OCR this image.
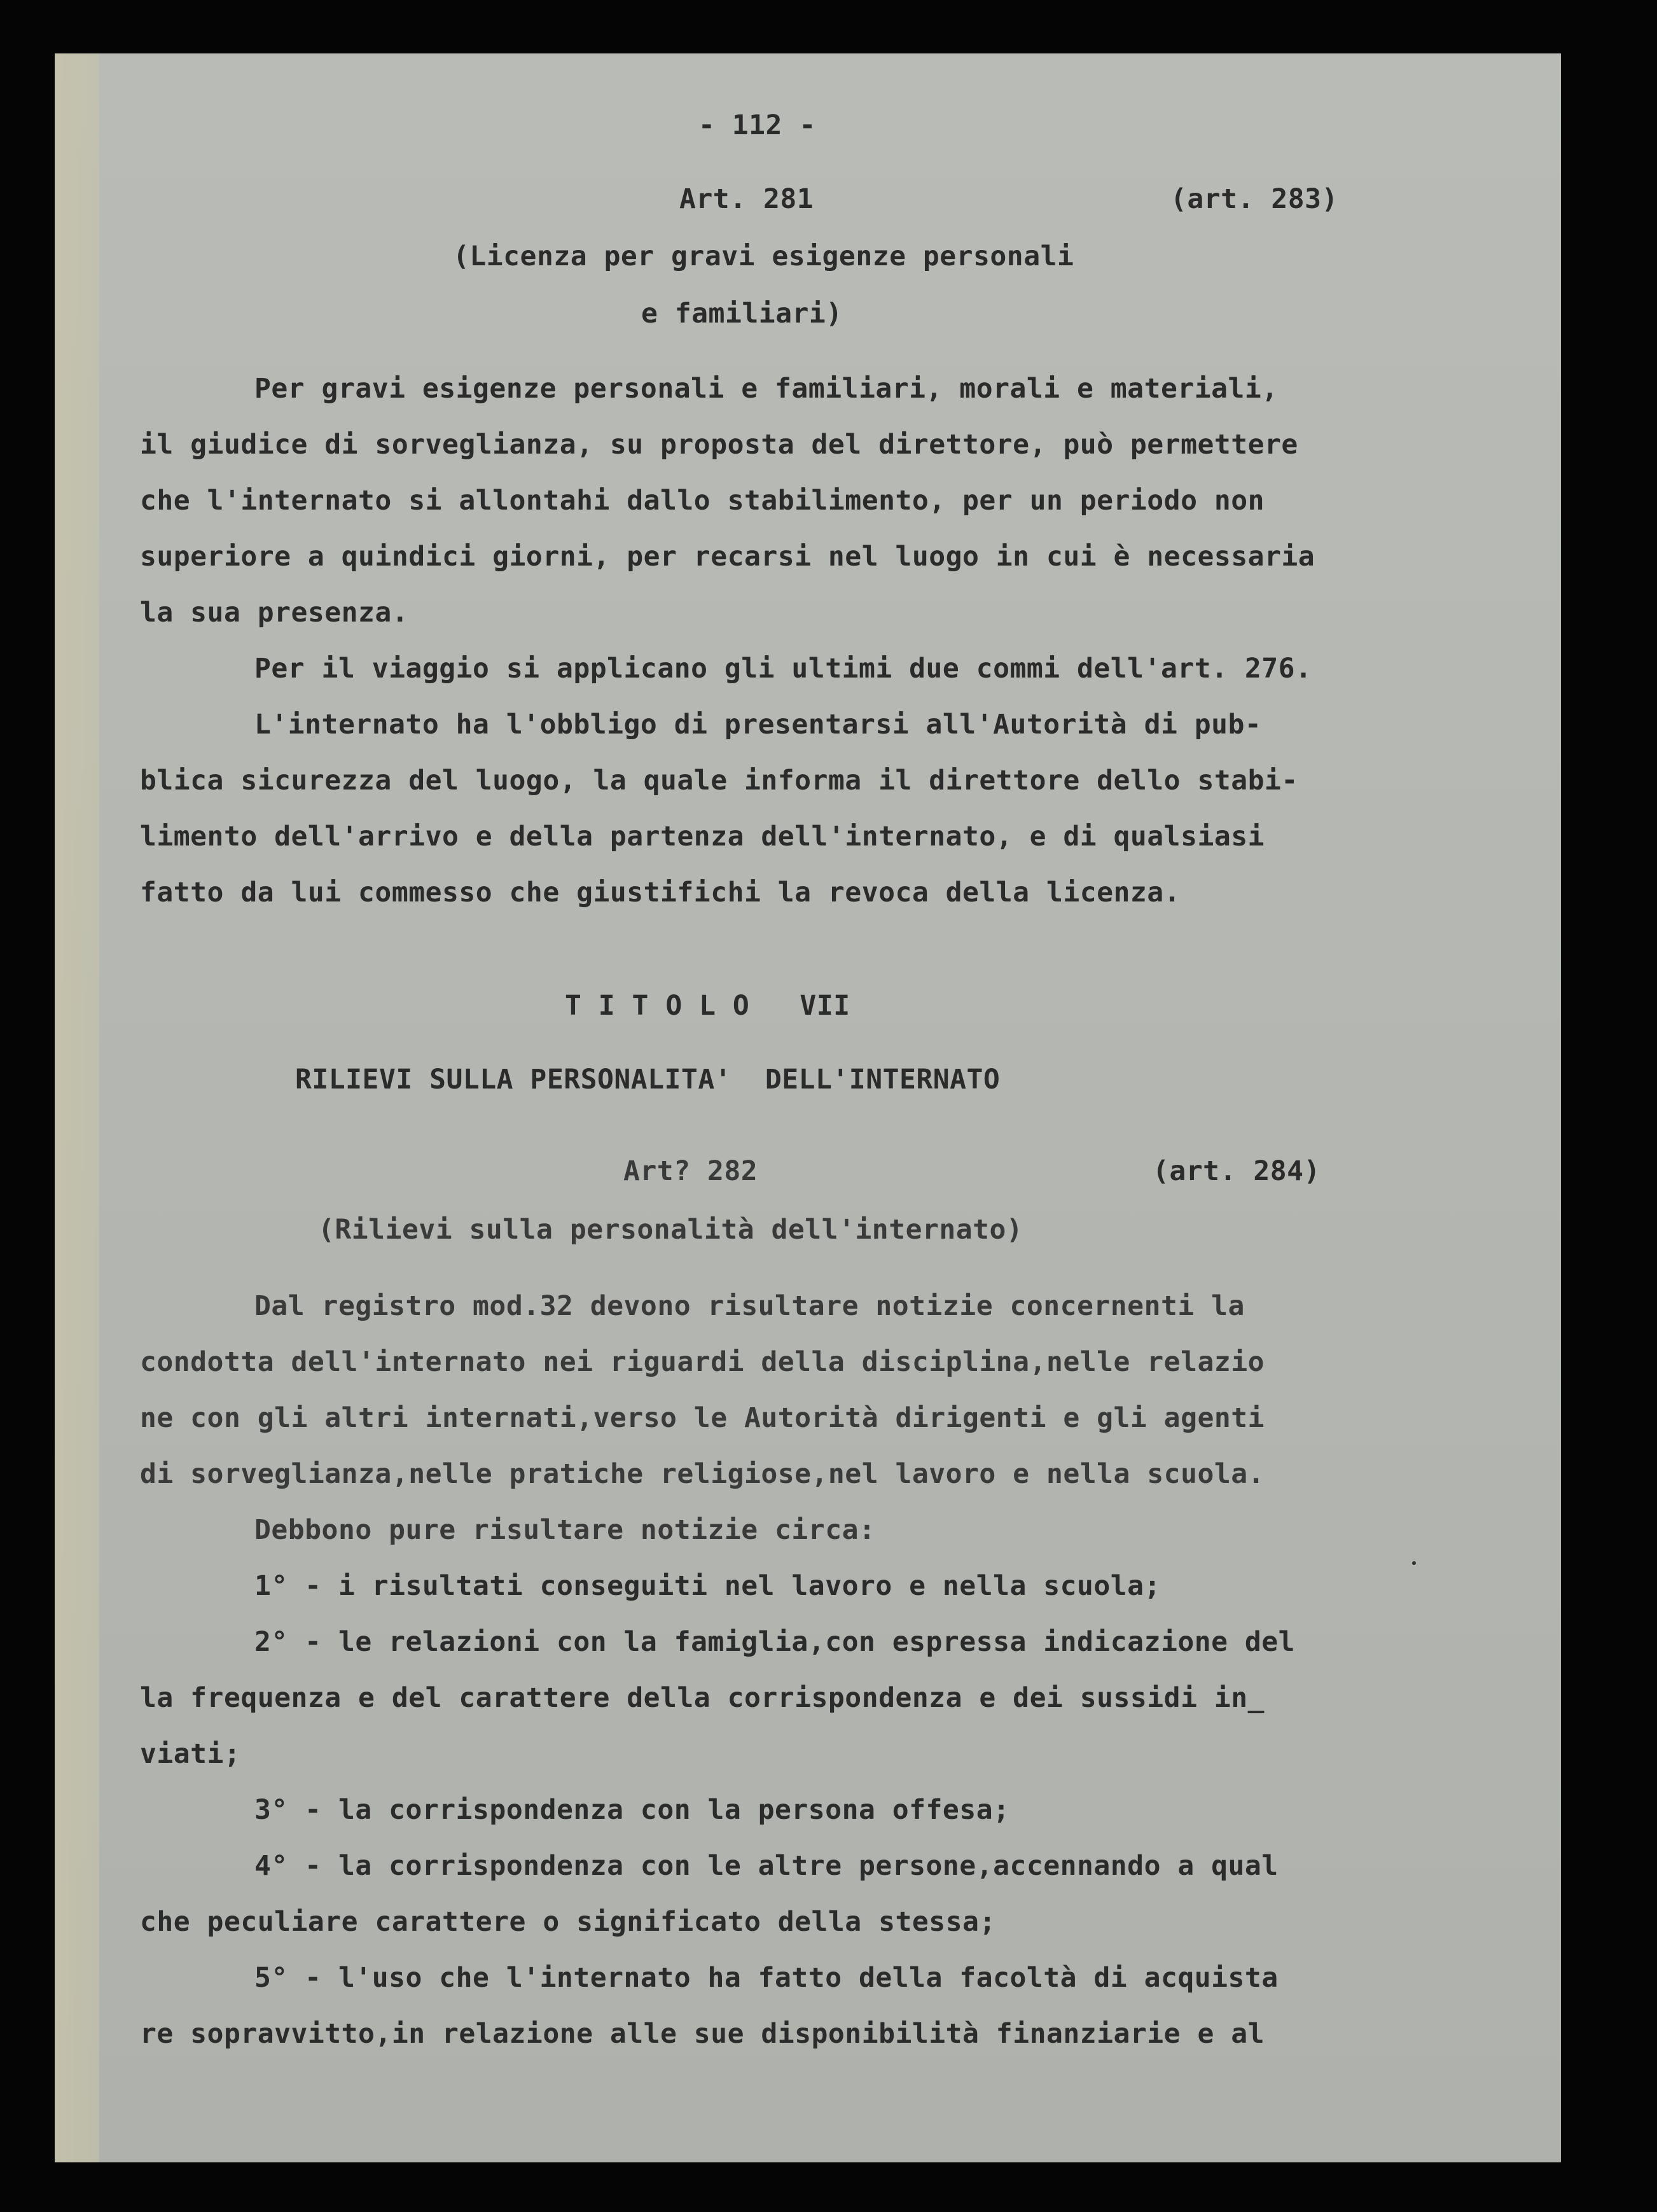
- 112 -
Art. 281	(art. 283)
(Licenza per gravi esigenze personali
e familiari)
Per gravi esigenze personali e familiari, morali e materiali,
il giudice di sorveglianza, su proposta del direttore, può permettere
che l'internato si allontahi dallo stabilimento, per un periodo non
superiore a quindici giorni, per recarsi nel luogo in cui è necessaria
la sua presenza.
Per il viaggio si applicano gli ultimi due commi dell'art. 276.
L'internato ha l'obbligo di presentarsi all'Autorità di pub-
blica sicurezza del luogo, la quale informa il direttore dello stabi-
limento dell'arrivo e della partenza dell'internato, e di qualsiasi
fatto da lui commesso che giustifichi la revoca della licenza.
T I T O L O   VII
RILIEVI SULLA PERSONALITA'  DELL'INTERNATO
Art? 282	(art. 284)
(Rilievi sulla personalità dell'internato)
Dal registro mod.32 devono risultare notizie concernenti la
condotta dell'internato nei riguardi della disciplina,nelle relazio
ne con gli altri internati,verso le Autorità dirigenti e gli agenti
di sorveglianza,nelle pratiche religiose,nel lavoro e nella scuola.
Debbono pure risultare notizie circa:
1° - i risultati conseguiti nel lavoro e nella scuola;
2° - le relazioni con la famiglia,con espressa indicazione del
la frequenza e del carattere della corrispondenza e dei sussidi in_
viati;
3° - la corrispondenza con la persona offesa;
4° - la corrispondenza con le altre persone,accennando a qual
che peculiare carattere o significato della stessa;
5° - l'uso che l'internato ha fatto della facoltà di acquista
re sopravvitto,in relazione alle sue disponibilità finanziarie e al
